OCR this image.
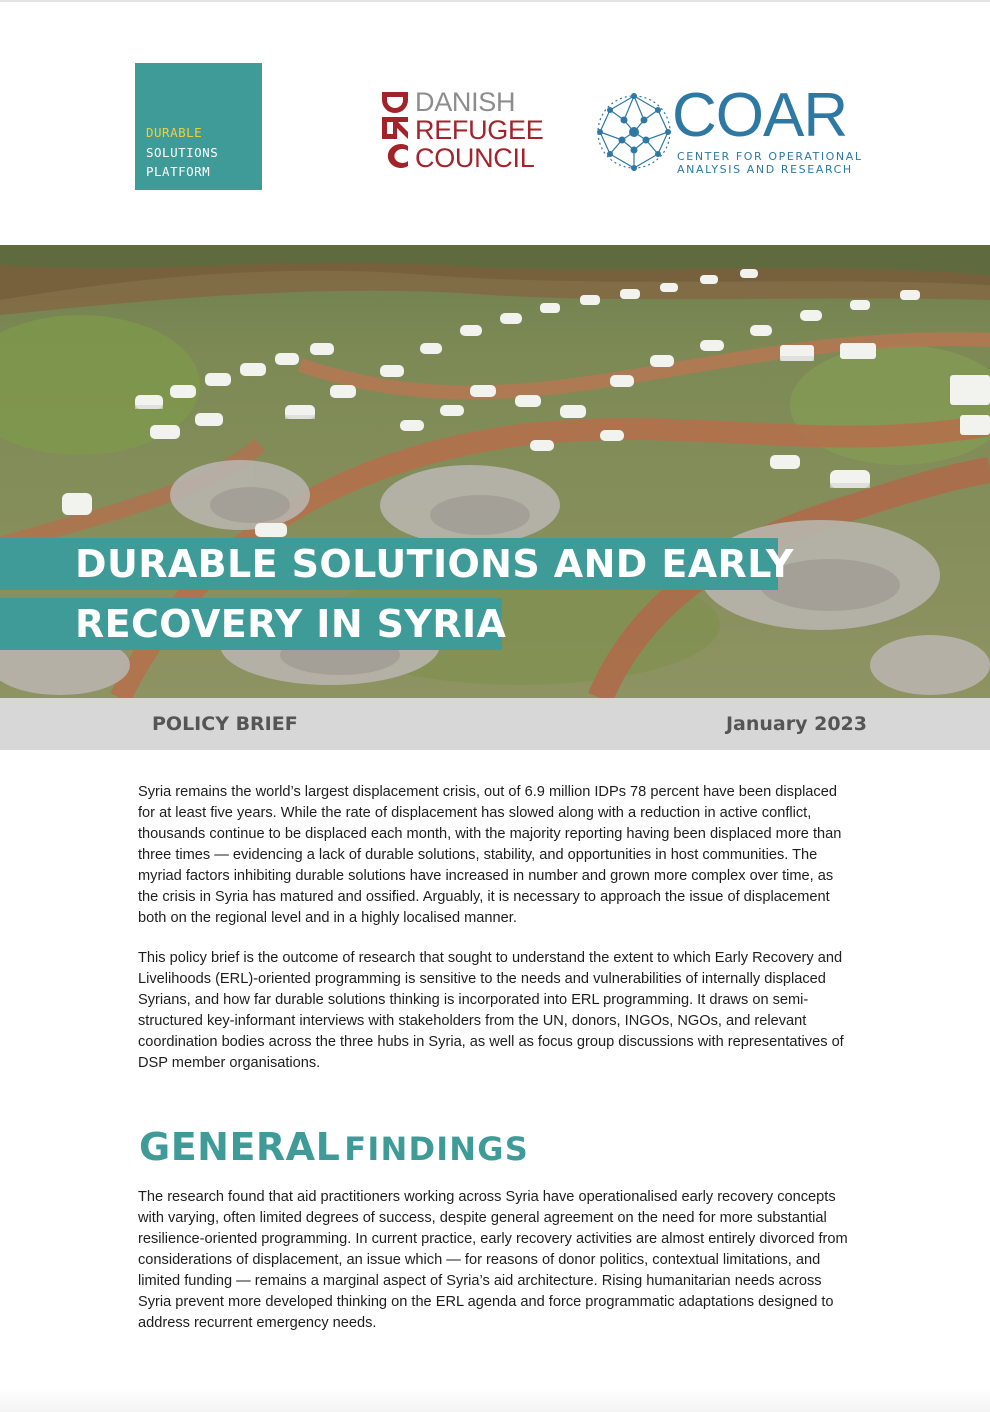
DURABLE
SOLUTIONS
PLATFORM
DANISH
REFUGEE
COUNCIL
COAR
CENTER FOR OPERATIONAL
ANALYSIS AND RESEARCH
DURABLE SOLUTIONS AND EARLY
RECOVERY IN SYRIA
POLICY BRIEF	January 2023

Syria remains the world’s largest displacement crisis, out of 6.9 million IDPs 78 percent have been displaced for at least five years. While the rate of displacement has slowed along with a reduction in active conflict, thousands continue to be displaced each month, with the majority reporting having been displaced more than three times — evidencing a lack of durable solutions, stability, and opportunities in host communities. The myriad factors inhibiting durable solutions have increased in number and grown more complex over time, as the crisis in Syria has matured and ossified. Arguably, it is necessary to approach the issue of displacement both on the regional level and in a highly localised manner.

This policy brief is the outcome of research that sought to understand the extent to which Early Recovery and Livelihoods (ERL)-oriented programming is sensitive to the needs and vulnerabilities of internally displaced Syrians, and how far durable solutions thinking is incorporated into ERL programming. It draws on semi-structured key-informant interviews with stakeholders from the UN, donors, INGOs, NGOs, and relevant coordination bodies across the three hubs in Syria, as well as focus group discussions with representatives of DSP member organisations.

GENERAL FINDINGS

The research found that aid practitioners working across Syria have operationalised early recovery concepts with varying, often limited degrees of success, despite general agreement on the need for more substantial resilience-oriented programming. In current practice, early recovery activities are almost entirely divorced from considerations of displacement, an issue which — for reasons of donor politics, contextual limitations, and limited funding — remains a marginal aspect of Syria’s aid architecture. Rising humanitarian needs across Syria prevent more developed thinking on the ERL agenda and force programmatic adaptations designed to address recurrent emergency needs.
